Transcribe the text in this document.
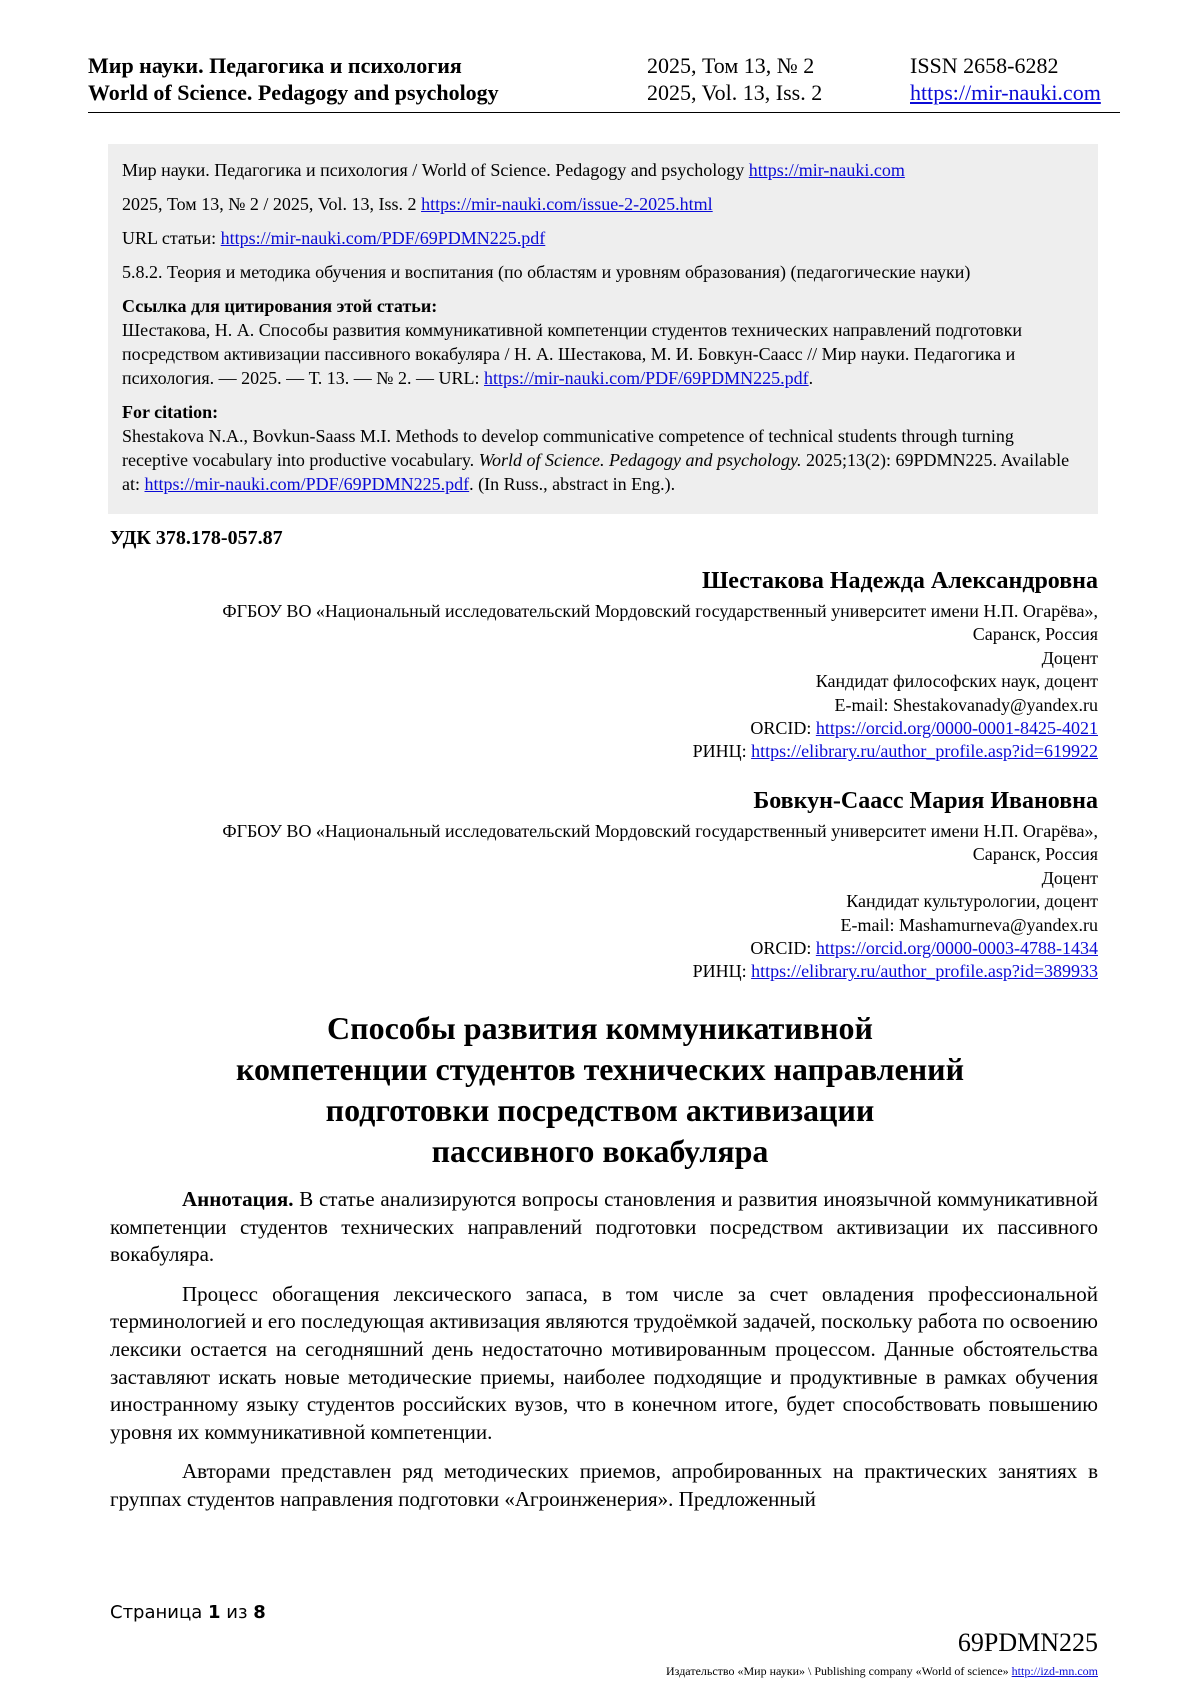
Мир науки. Педагогика и психология
World of Science. Pedagogy and psychology
2025, Том 13, № 2
2025, Vol. 13, Iss. 2
ISSN 2658-6282
https://mir-nauki.com

Мир науки. Педагогика и психология / World of Science. Pedagogy and psychology https://mir-nauki.com

2025, Том 13, № 2 / 2025, Vol. 13, Iss. 2 https://mir-nauki.com/issue-2-2025.html

URL статьи: https://mir-nauki.com/PDF/69PDMN225.pdf

5.8.2. Теория и методика обучения и воспитания (по областям и уровням образования) (педагогические науки)

Ссылка для цитирования этой статьи:
Шестакова, Н. А. Способы развития коммуникативной компетенции студентов технических направлений подготовки посредством активизации пассивного вокабуляра / Н. А. Шестакова, М. И. Бовкун-Саасс // Мир науки. Педагогика и психология. — 2025. — Т. 13. — № 2. — URL: https://mir-nauki.com/PDF/69PDMN225.pdf.
For citation:
Shestakova N.A., Bovkun-Saass M.I. Methods to develop communicative competence of technical students through turning receptive vocabulary into productive vocabulary. World of Science. Pedagogy and psychology. 2025;13(2): 69PDMN225. Available at: https://mir-nauki.com/PDF/69PDMN225.pdf. (In Russ., abstract in Eng.).
УДК 378.178-057.87
Шестакова Надежда Александровна
ФГБОУ ВО «Национальный исследовательский Мордовский государственный университет имени Н.П. Огарёва»,
Саранск, Россия
Доцент
Кандидат философских наук, доцент
E-mail: Shestakovanady@yandex.ru
ORCID: https://orcid.org/0000-0001-8425-4021
РИНЦ: https://elibrary.ru/author_profile.asp?id=619922
Бовкун-Саасс Мария Ивановна
ФГБОУ ВО «Национальный исследовательский Мордовский государственный университет имени Н.П. Огарёва»,
Саранск, Россия
Доцент
Кандидат культурологии, доцент
E-mail: Mashamurneva@yandex.ru
ORCID: https://orcid.org/0000-0003-4788-1434
РИНЦ: https://elibrary.ru/author_profile.asp?id=389933
Способы развития коммуникативной
компетенции студентов технических направлений
подготовки посредством активизации
пассивного вокабуляра

Аннотация. В статье анализируются вопросы становления и развития иноязычной коммуникативной компетенции студентов технических направлений подготовки посредством активизации их пассивного вокабуляра.

Процесс обогащения лексического запаса, в том числе за счет овладения профессиональной терминологией и его последующая активизация являются трудоёмкой задачей, поскольку работа по освоению лексики остается на сегодняшний день недостаточно мотивированным процессом. Данные обстоятельства заставляют искать новые методические приемы, наиболее подходящие и продуктивные в рамках обучения иностранному языку студентов российских вузов, что в конечном итоге, будет способствовать повышению уровня их коммуникативной компетенции.

Авторами представлен ряд методических приемов, апробированных на практических занятиях в группах студентов направления подготовки «Агроинженерия». Предложенный

Страница 1 из 8
69PDMN225
Издательство «Мир науки» \ Publishing company «World of science» http://izd-mn.com
